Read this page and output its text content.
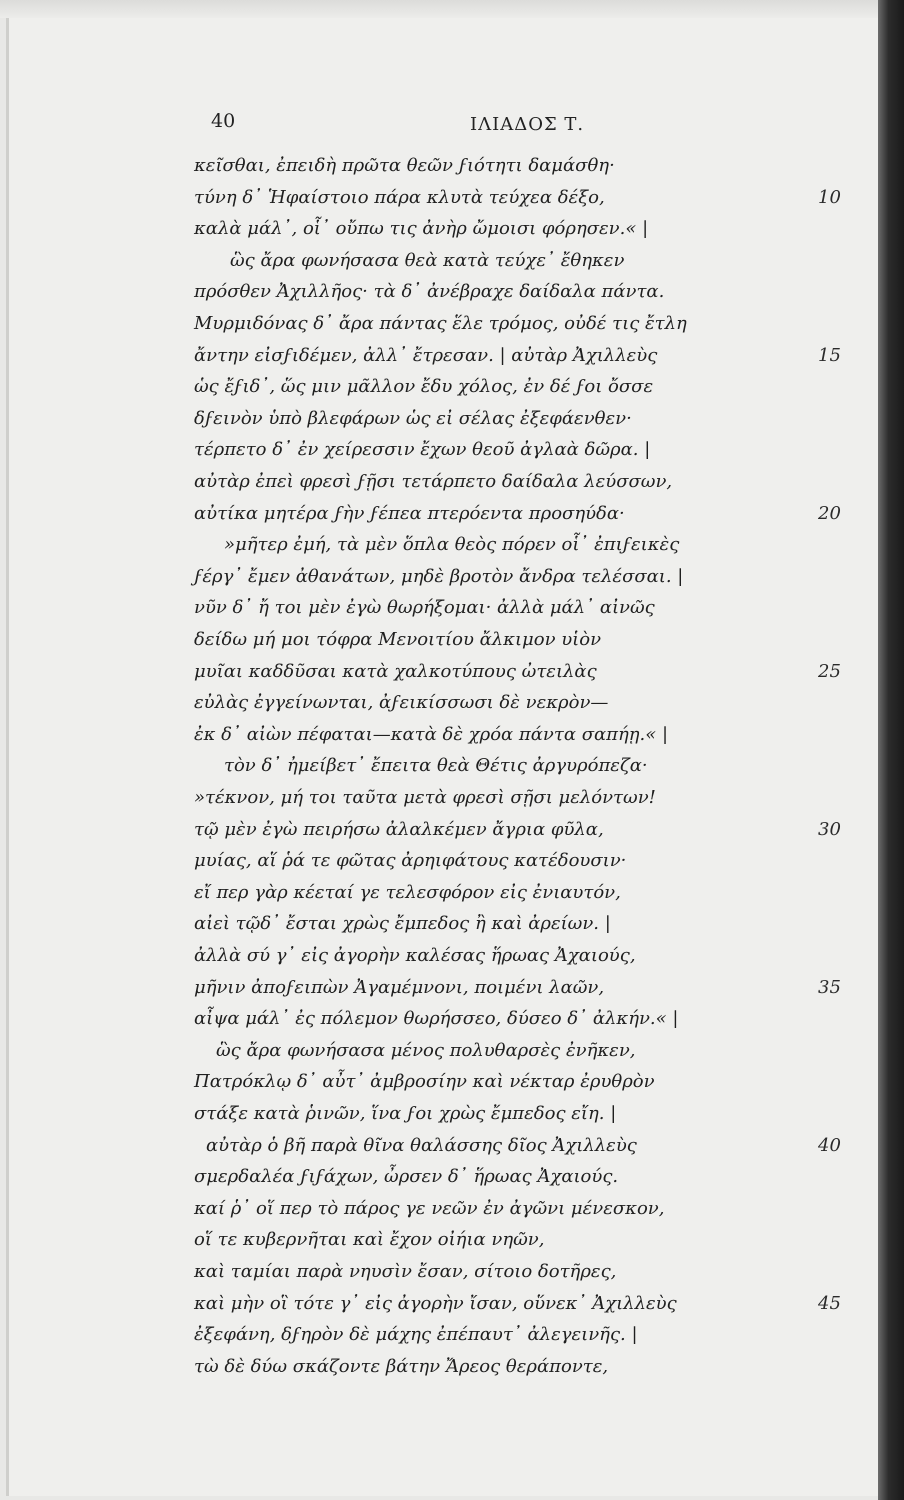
40	ΙΛΙΑΔΟΣ Τ.

κεῖσθαι, ἐπειδὴ πρῶτα θεῶν ϝιότητι δαμάσθη·
τύνη δ᾽ Ἡφαίστοιο πάρα κλυτὰ τεύχεα δέξο,	10
καλὰ μάλ᾽, οἷ᾽ οὔπω τις ἀνὴρ ὤμοισι φόρησεν.« |
ὣς ἄρα φωνήσασα θεὰ κατὰ τεύχε᾽ ἔθηκεν
πρόσθεν Ἀχιλλῆος· τὰ δ᾽ ἀνέβραχε δαίδαλα πάντα.
Μυρμιδόνας δ᾽ ἄρα πάντας ἕλε τρόμος, οὐδέ τις ἔτλη
ἄντην εἰσϝιδέμεν, ἀλλ᾽ ἔτρεσαν. | αὐτὰρ Ἀχιλλεὺς	15
ὡς ἔϝιδ᾽, ὥς μιν μᾶλλον ἔδυ χόλος, ἐν δέ ϝοι ὄσσε
δϝεινὸν ὑπὸ βλεφάρων ὡς εἰ σέλας ἐξεφάενθεν·
τέρπετο δ᾽ ἐν χείρεσσιν ἔχων θεοῦ ἀγλαὰ δῶρα. |
αὐτὰρ ἐπεὶ φρεσὶ ϝῇσι τετάρπετο δαίδαλα λεύσσων,
αὐτίκα μητέρα ϝὴν ϝέπεα πτερόεντα προσηύδα·	20
»μῆτερ ἐμή, τὰ μὲν ὅπλα θεὸς πόρεν οἷ᾽ ἐπιϝεικὲς
ϝέργ᾽ ἔμεν ἀθανάτων, μηδὲ βροτὸν ἄνδρα τελέσσαι. |
νῦν δ᾽ ἤ τοι μὲν ἐγὼ θωρήξομαι· ἀλλὰ μάλ᾽ αἰνῶς
δείδω μή μοι τόφρα Μενοιτίου ἄλκιμον υἱὸν
μυῖαι καδδῦσαι κατὰ χαλκοτύπους ὠτειλὰς	25
εὐλὰς ἐγγείνωνται, ἀϝεικίσσωσι δὲ νεκρὸν—
ἐκ δ᾽ αἰὼν πέφαται—κατὰ δὲ χρόα πάντα σαπήῃ.« |
τὸν δ᾽ ἠμείβετ᾽ ἔπειτα θεὰ Θέτις ἀργυρόπεζα·
»τέκνον, μή τοι ταῦτα μετὰ φρεσὶ σῇσι μελόντων!
τῷ μὲν ἐγὼ πειρήσω ἀλαλκέμεν ἄγρια φῦλα,	30
μυίας, αἵ ῥά τε φῶτας ἀρηιφάτους κατέδουσιν·
εἴ περ γὰρ κέεταί γε τελεσφόρον εἰς ἐνιαυτόν,
αἰεὶ τῷδ᾽ ἔσται χρὼς ἔμπεδος ἢ καὶ ἀρείων. |
ἀλλὰ σύ γ᾽ εἰς ἀγορὴν καλέσας ἥρωας Ἀχαιούς,
μῆνιν ἀποϝειπὼν Ἀγαμέμνονι, ποιμένι λαῶν,	35
αἶψα μάλ᾽ ἐς πόλεμον θωρήσσεο, δύσεο δ᾽ ἀλκήν.« |
ὣς ἄρα φωνήσασα μένος πολυθαρσὲς ἐνῆκεν,
Πατρόκλῳ δ᾽ αὖτ᾽ ἀμβροσίην καὶ νέκταρ ἐρυθρὸν
στάξε κατὰ ῥινῶν, ἵνα ϝοι χρὼς ἔμπεδος εἴη. |
αὐτὰρ ὁ βῆ παρὰ θῖνα θαλάσσης δῖος Ἀχιλλεὺς	40
σμερδαλέα ϝιϝάχων, ὦρσεν δ᾽ ἥρωας Ἀχαιούς.
καί ῥ᾽ οἵ περ τὸ πάρος γε νεῶν ἐν ἀγῶνι μένεσκον,
οἵ τε κυβερνῆται καὶ ἔχον οἰήια νηῶν,
καὶ ταμίαι παρὰ νηυσὶν ἔσαν, σίτοιο δοτῆρες,
καὶ μὴν οἳ τότε γ᾽ εἰς ἀγορὴν ἴσαν, οὕνεκ᾽ Ἀχιλλεὺς	45
ἐξεφάνη, δϝηρὸν δὲ μάχης ἐπέπαυτ᾽ ἀλεγεινῆς. |
τὼ δὲ δύω σκάζοντε βάτην Ἄρεος θεράποντε,
